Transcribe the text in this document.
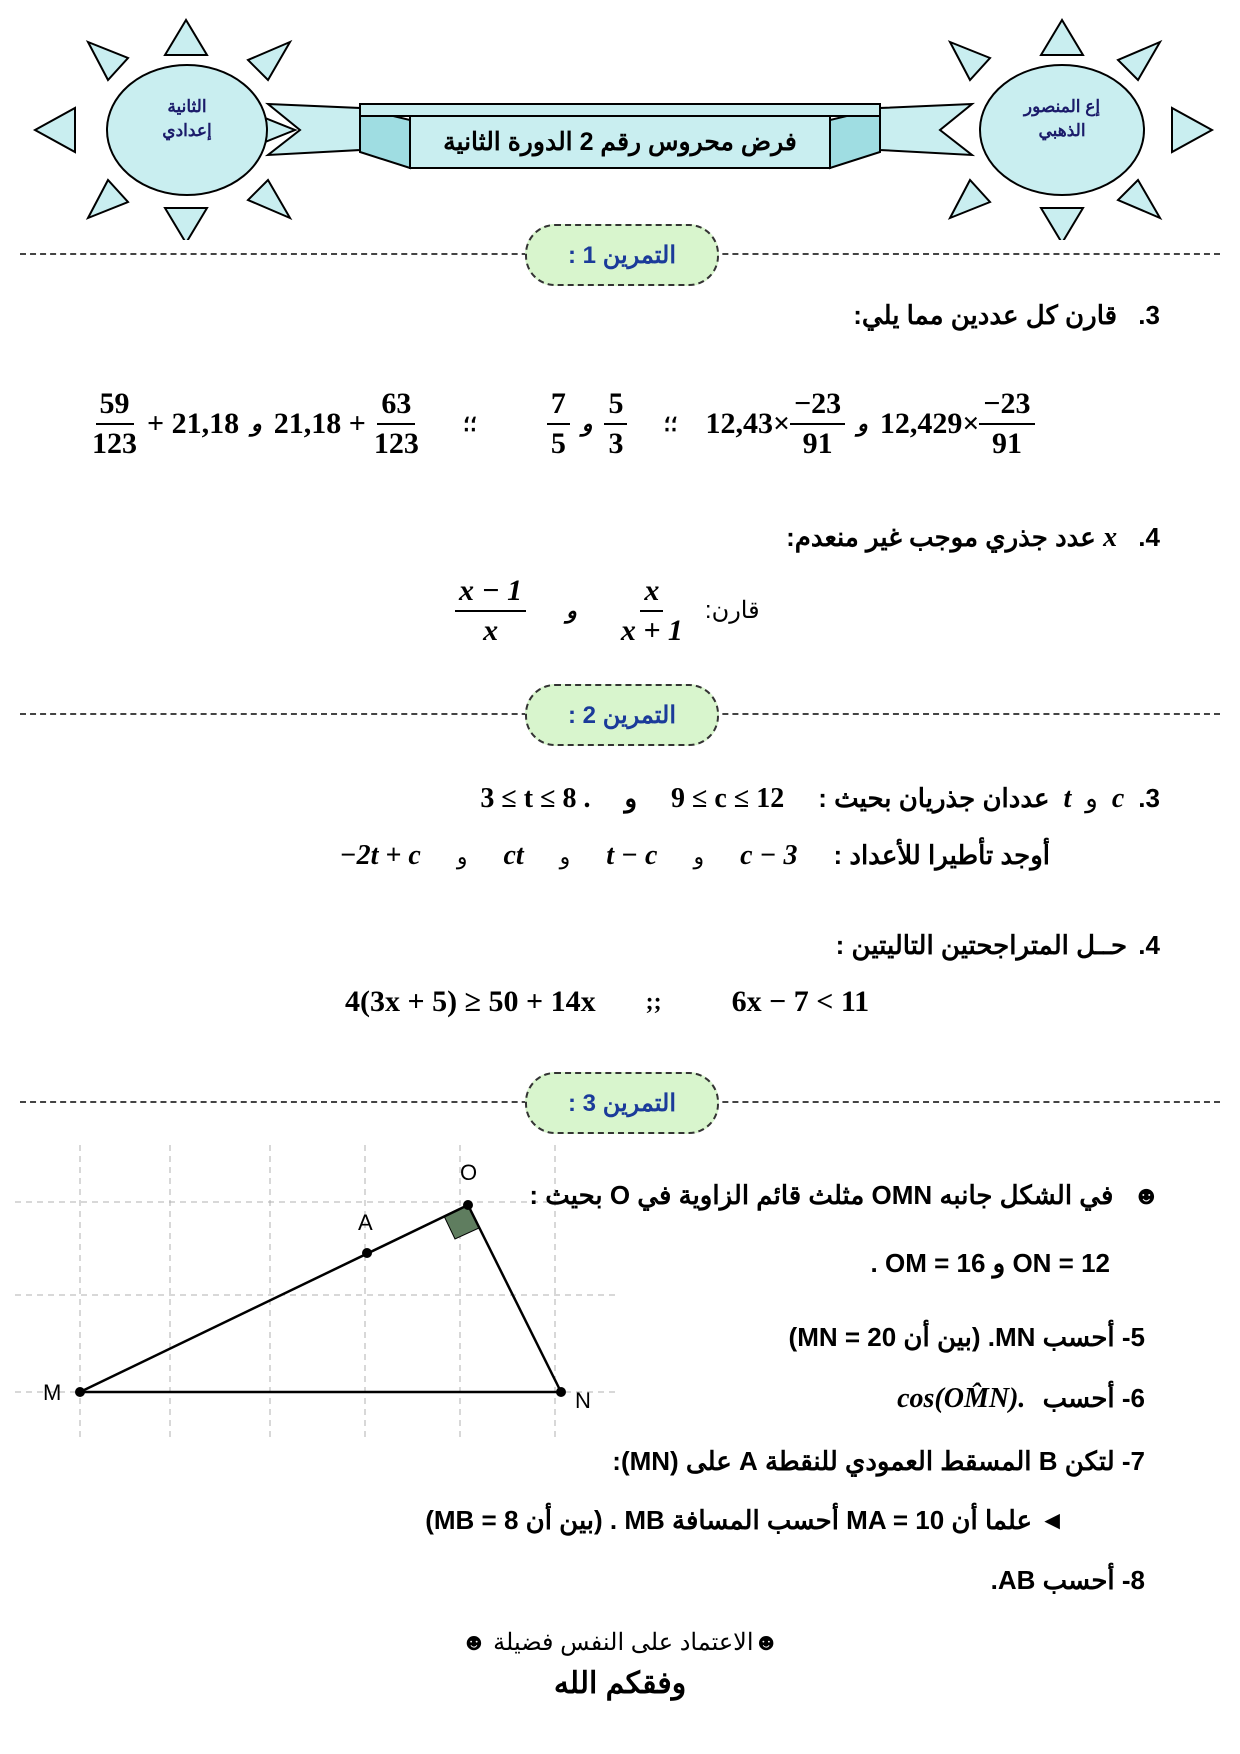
الثانية
إعدادي
إع المنصور
الذهبي
فرض محروس رقم 2 الدورة الثانية
التمرين 1 :
3. قارن كل عددين مما يلي:
$\frac{59}{123} + 21,18$ و $21,18 + \frac{63}{123}$ ؛؛ $\frac{7}{5}$ و $\frac{5}{3}$ ؛؛ $12,43\times \frac{-23}{91}$ و $12,429\times \frac{-23}{91}$
4. x عدد جذري موجب غير منعدم:
$\frac{x - 1}{x}$ و $\frac{x}{x + 1}$ قارن:
التمرين 2 :
3.
c
و
t
عددان جذريان بحيث :
9 ≤ c ≤ 12
و
3 ≤ t ≤ 8 .
أوجد تأطيرا للأعداد :
c − 3
و
t − c
و
ct
و
−2t + c
4. حــل المتراجحتين التاليتين :
4(3x + 5) ≥ 50 + 14x ;; 6x − 7 < 11
التمرين 3 :
O
A
M	N
☻ في الشكل جانبه OMN مثلث قائم الزاوية في O بحيث :
ON = 12 و OM = 16 .
5- أحسب MN. (بين أن MN = 20)
6- أحسب cos(OM̂N).
7- لتكن B المسقط العمودي للنقطة A على (MN):
◄ علما أن MA = 10 أحسب المسافة MB . (بين أن MB = 8)
8- أحسب AB.
☻الاعتماد على النفس فضيلة ☻
وفقكم الله
